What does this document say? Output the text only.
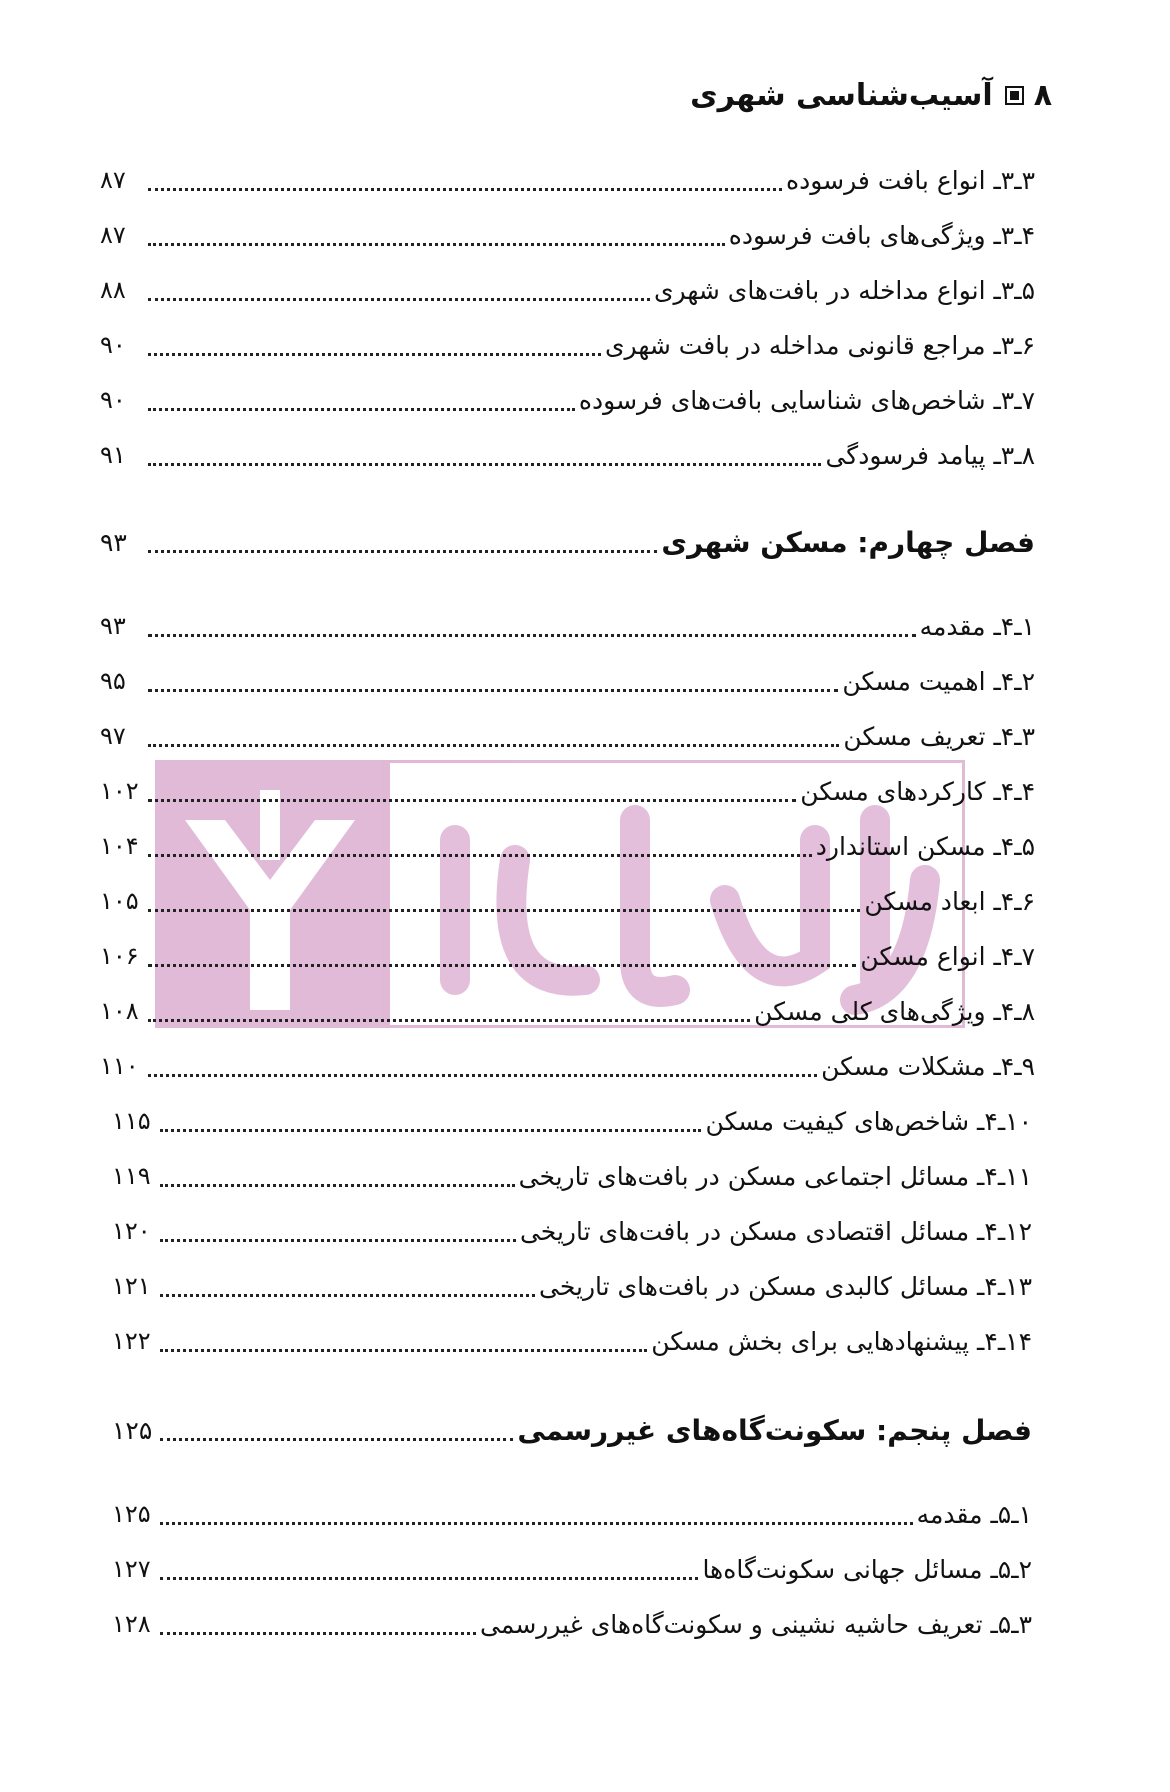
۸
آسیب‌شناسی شهری
۳ـ۳ـ انواع بافت فرسوده
۸۷
۴ـ۳ـ ویژگی‌های بافت فرسوده
۸۷
۵ـ۳ـ انواع مداخله در بافت‌های شهری
۸۸
۶ـ۳ـ مراجع قانونی مداخله در بافت شهری
۹۰
۷ـ۳ـ شاخص‌های شناسایی بافت‌های فرسوده
۹۰
۸ـ۳ـ پیامد فرسودگی
۹۱
فصل چهارم: مسکن شهری
۹۳
۱ـ۴ـ مقدمه
۹۳
۲ـ۴ـ اهمیت مسکن
۹۵
۳ـ۴ـ تعریف مسکن
۹۷
۴ـ۴ـ کارکردهای مسکن
۱۰۲
۵ـ۴ـ مسکن استاندارد
۱۰۴
۶ـ۴ـ ابعاد مسکن
۱۰۵
۷ـ۴ـ انواع مسکن
۱۰۶
۸ـ۴ـ ویژگی‌های کلی مسکن
۱۰۸
۹ـ۴ـ مشکلات مسکن
۱۱۰
۱۰ـ۴ـ شاخص‌های کیفیت مسکن
۱۱۵
۱۱ـ۴ـ مسائل اجتماعی مسکن در بافت‌های تاریخی
۱۱۹
۱۲ـ۴ـ مسائل اقتصادی مسکن در بافت‌های تاریخی
۱۲۰
۱۳ـ۴ـ مسائل کالبدی مسکن در بافت‌های تاریخی
۱۲۱
۱۴ـ۴ـ پیشنهادهایی برای بخش مسکن
۱۲۲
فصل پنجم: سکونت‌گاه‌های غیررسمی
۱۲۵
۱ـ۵ـ مقدمه
۱۲۵
۲ـ۵ـ مسائل جهانی سکونت‌گاه‌ها
۱۲۷
۳ـ۵ـ تعریف حاشیه نشینی و سکونت‌گاه‌های غیررسمی
۱۲۸
